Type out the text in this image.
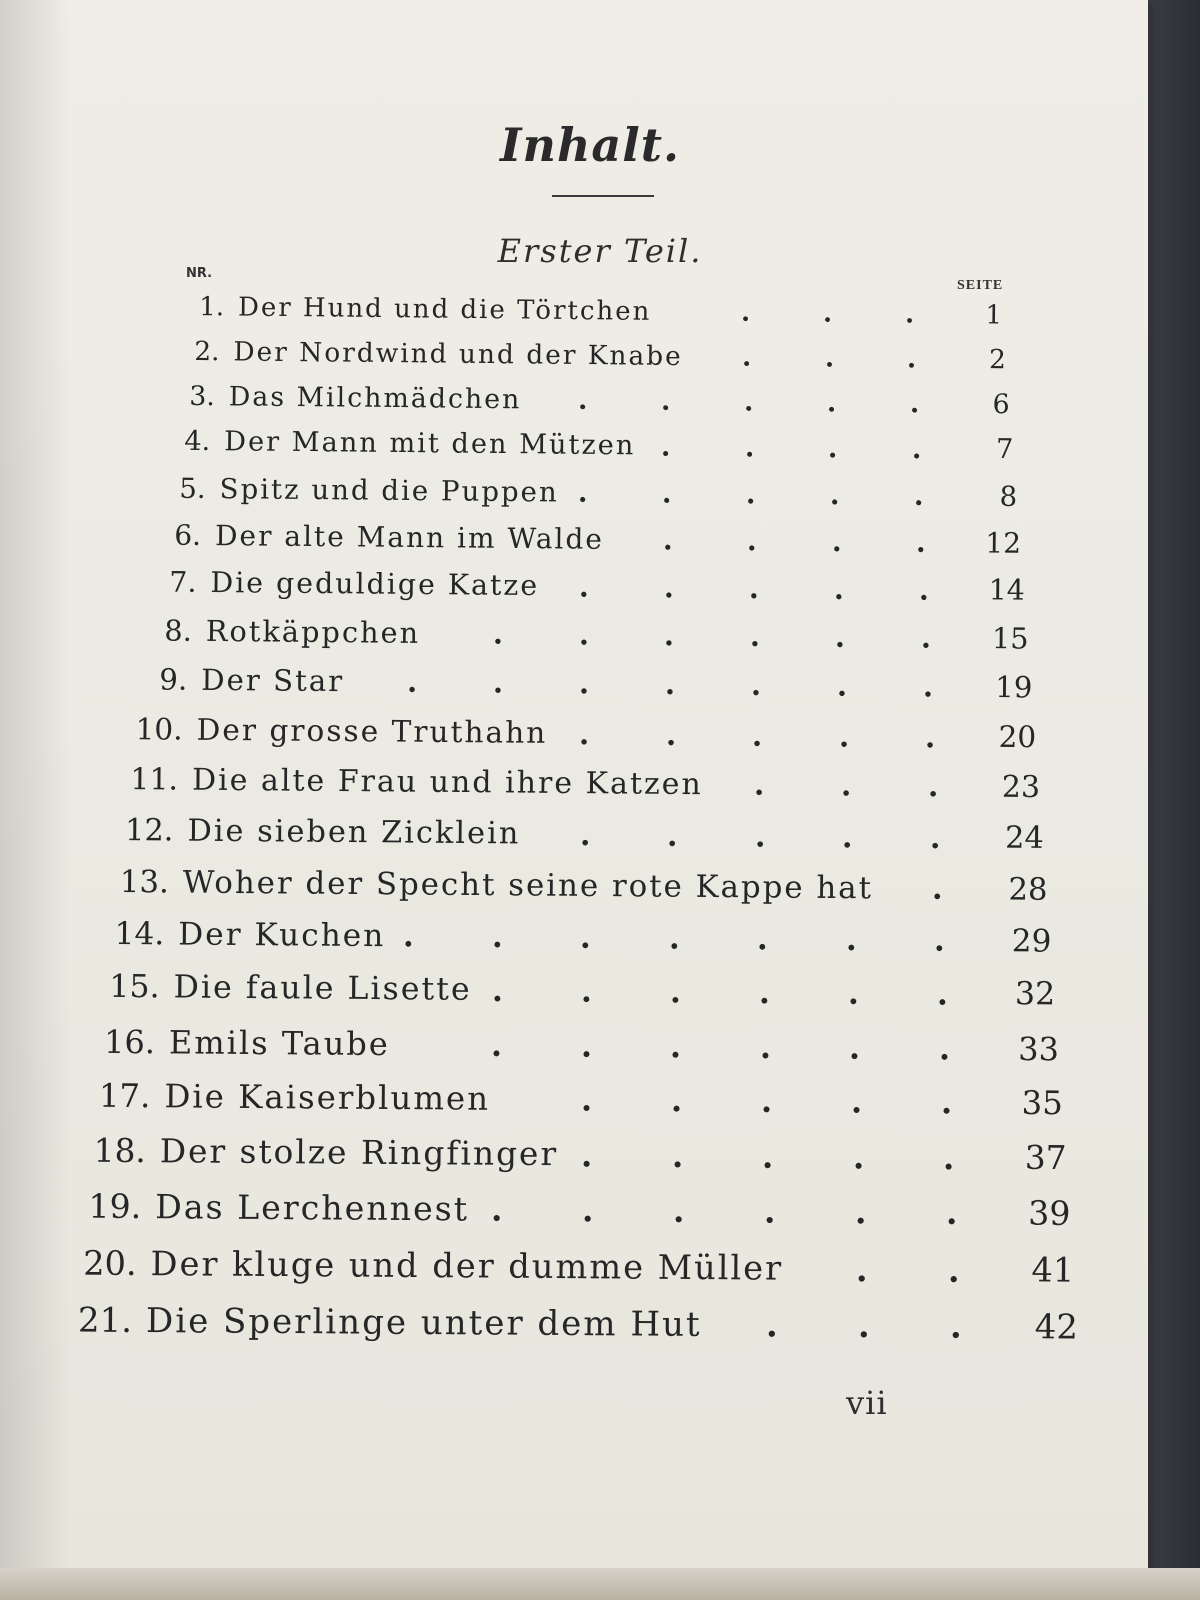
Inhalt.
Erster Teil.
NR.
SEITE
1. Der Hund und die Törtchen	1
.	.	.
2. Der Nordwind und der Knabe	2
.	.	.
3. Das Milchmädchen	6
.	.	.	.	.
4. Der Mann mit den Mützen	7
.	.	.	.
5. Spitz und die Puppen	8
.	.	.	.	.
6. Der alte Mann im Walde	12
.	.	.	.
7. Die geduldige Katze	14
.	.	.	.	.
8. Rotkäppchen	15
.	.	.	.	.	.
9. Der Star	19
.	.	.	.	.	.	.
10. Der grosse Truthahn	20
.	.	.	.	.
11. Die alte Frau und ihre Katzen	23
.	.	.
12. Die sieben Zicklein	24
.	.	.	.	.
13. Woher der Specht seine rote Kappe hat	28
.
14. Der Kuchen	29
. . . . . . .
15. Die faule Lisette	32
. . . . . .
16. Emils Taube	33
. . . . . .
17. Die Kaiserblumen	35
. . . . .
18. Der stolze Ringfinger	37
. . . . .
19. Das Lerchennest	39
. . . . . .
20. Der kluge und der dumme Müller	41
. .
21. Die Sperlinge unter dem Hut	42
. . .
vii
